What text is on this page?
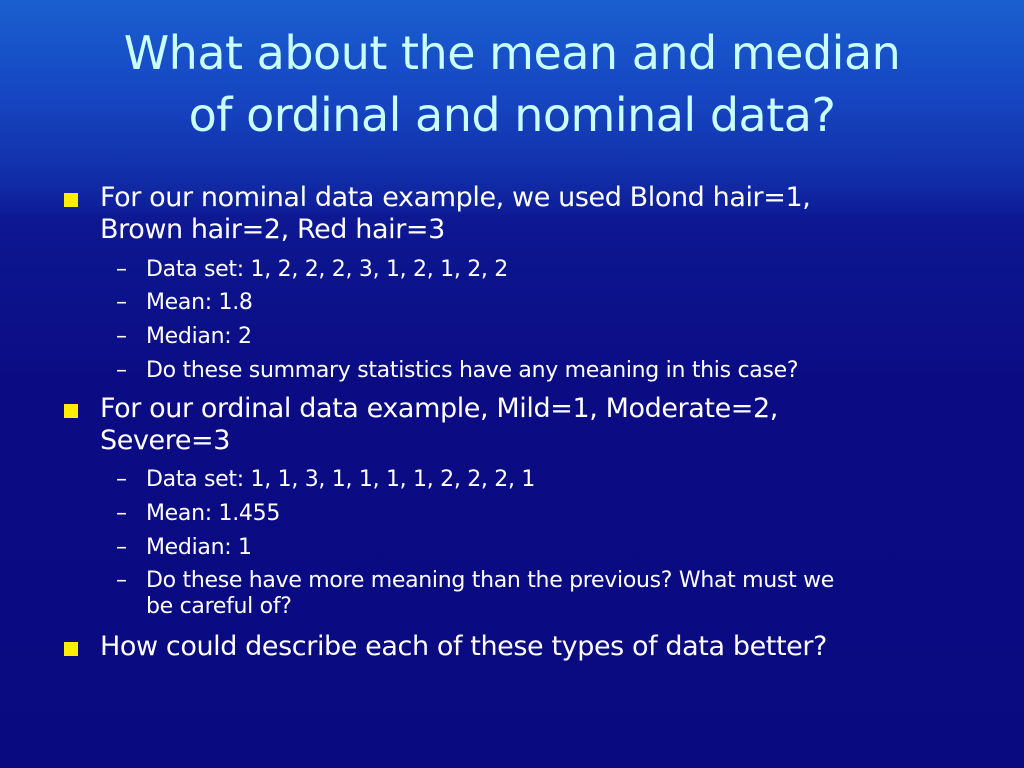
What about the mean and median
of ordinal and nominal data?
For our nominal data example, we used Blond hair=1,
Brown hair=2, Red hair=3
– Data set: 1, 2, 2, 2, 3, 1, 2, 1, 2, 2
– Mean: 1.8
– Median: 2
– Do these summary statistics have any meaning in this case?
For our ordinal data example, Mild=1, Moderate=2,
Severe=3
– Data set: 1, 1, 3, 1, 1, 1, 1, 2, 2, 2, 1
– Mean: 1.455
– Median: 1
– Do these have more meaning than the previous? What must we
be careful of?
How could describe each of these types of data better?
